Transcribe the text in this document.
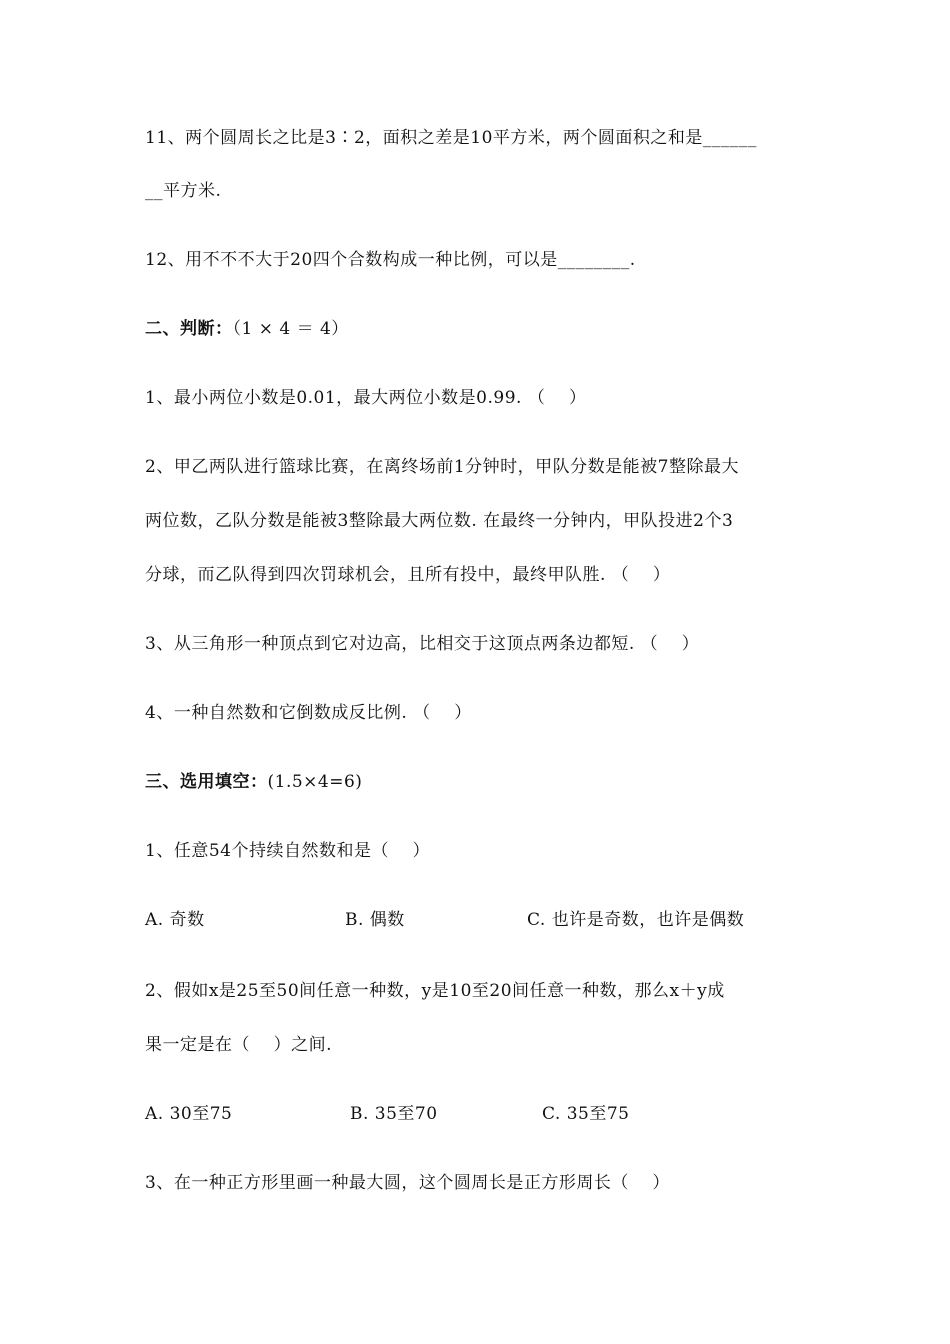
11、两个圆周长之比是3∶2，面积之差是10平方米，两个圆面积之和是______
__平方米.
12、用不不不大于20四个合数构成一种比例，可以是________.
二、判断：（1 × 4 ＝ 4）
1、最小两位小数是0.01，最大两位小数是0.99. （    ）
2、甲乙两队进行篮球比赛，在离终场前1分钟时，甲队分数是能被7整除最大
两位数，乙队分数是能被3整除最大两位数. 在最终一分钟内，甲队投进2个3
分球，而乙队得到四次罚球机会，且所有投中，最终甲队胜. （    ）
3、从三角形一种顶点到它对边高，比相交于这顶点两条边都短. （    ）
4、一种自然数和它倒数成反比例. （    ）
三、选用填空：(1.5×4=6)
1、任意54个持续自然数和是（    ）
A. 奇数	B. 偶数	C. 也许是奇数，也许是偶数
2、假如x是25至50间任意一种数，y是10至20间任意一种数，那么x＋y成
果一定是在（    ）之间.
A. 30至75	B. 35至70	C. 35至75
3、在一种正方形里画一种最大圆，这个圆周长是正方形周长（    ）
